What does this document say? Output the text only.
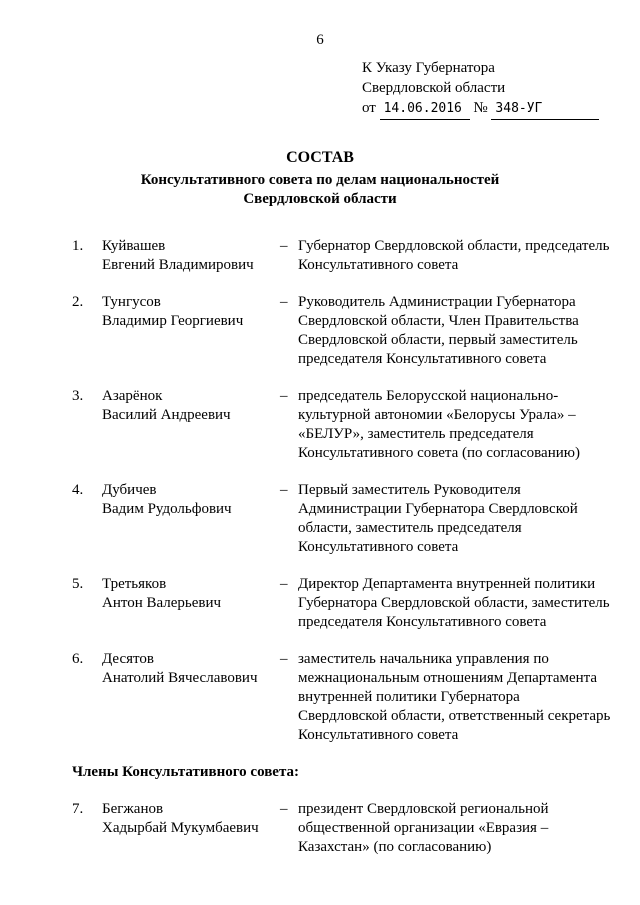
6
К Указу Губернатора
Свердловской области
от 14.06.2016 № 348-УГ
СОСТАВ
Консультативного совета по делам национальностей
Свердловской области
1.	Куйвашев
Евгений Владимирович
– Губернатор Свердловской области, председатель Консультативного совета
2.	Тунгусов
Владимир Георгиевич
– Руководитель Администрации Губернатора Свердловской области, Член Правительства Свердловской области, первый заместитель председателя Консультативного совета
3.	Азарёнок
Василий Андреевич
– председатель Белорусской национально-культурной автономии «Белорусы Урала» – «БЕЛУР», заместитель председателя Консультативного совета (по согласованию)
4.	Дубичев
Вадим Рудольфович
– Первый заместитель Руководителя Администрации Губернатора Свердловской области, заместитель председателя Консультативного совета
5.	Третьяков
Антон Валерьевич
– Директор Департамента внутренней политики Губернатора Свердловской области, заместитель председателя Консультативного совета
6.	Десятов
Анатолий Вячеславович
– заместитель начальника управления по межнациональным отношениям Департамента внутренней политики Губернатора Свердловской области, ответственный секретарь Консультативного совета
Члены Консультативного совета:
7.	Бегжанов
Хадырбай Мукумбаевич
– президент Свердловской региональной общественной организации «Евразия – Казахстан» (по согласованию)
